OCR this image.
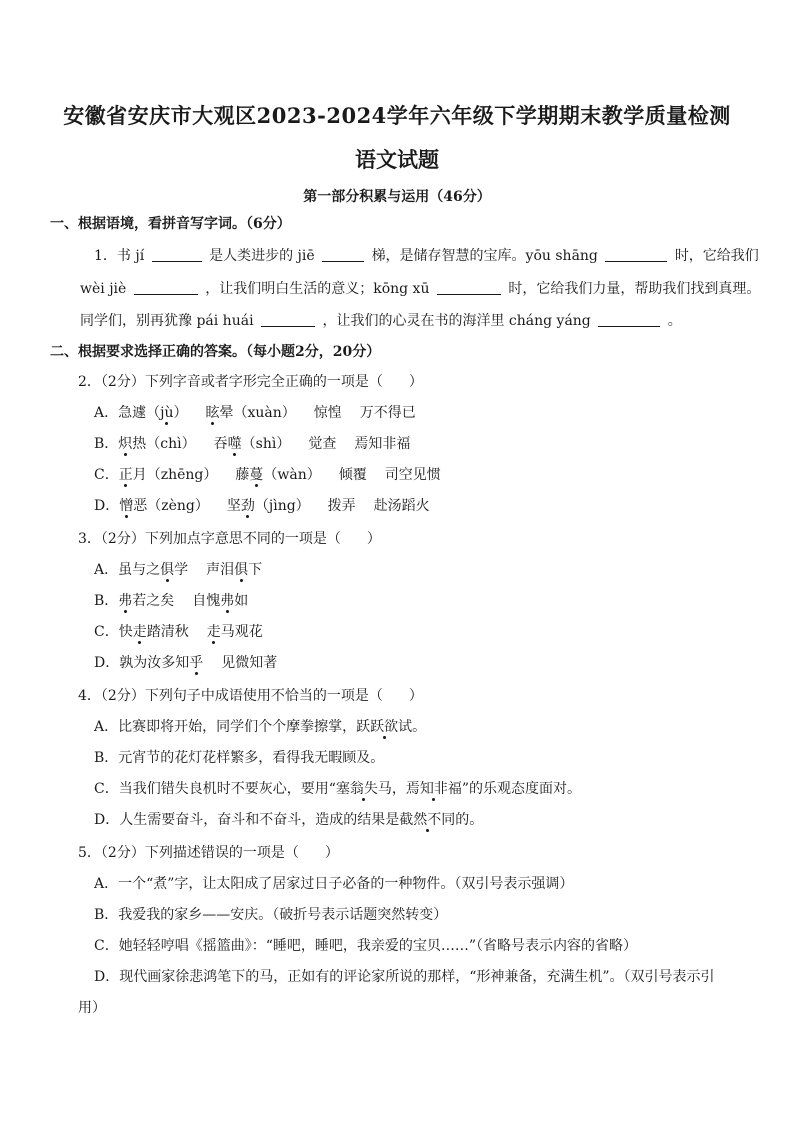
安徽省安庆市大观区2023-2024学年六年级下学期期末教学质量检测
语文试题
第一部分积累与运用（46分）
一、根据语境，看拼音写字词。（6分）
1．书 jí	是人类进步的 jiē	梯，是储存智慧的宝库。yōu shāng	时，它给我们
wèi jiè	，让我们明白生活的意义；kōng xū	时，它给我们力量，帮助我们找到真理。
同学们，别再犹豫 pái huái	，让我们的心灵在书的海洋里 cháng yáng	。
二、根据要求选择正确的答案。（每小题2分，20分）
2．（2分）下列字音或者字形完全正确的一项是（ ）
A．急遽（jù） 眩晕（xuàn） 惊惶 万不得已
B．炽热（chì） 吞噬（shì） 觉查 焉知非福
C．正月（zhēng） 藤蔓（wàn） 倾覆 司空见惯
D．憎恶（zèng） 坚劲（jìng） 拨弄 赴汤蹈火
3．（2分）下列加点字意思不同的一项是（ ）
A．虽与之俱学 声泪俱下
B．弗若之矣 自愧弗如
C．快走踏清秋 走马观花
D．孰为汝多知乎 见微知著
4．（2分）下列句子中成语使用不恰当的一项是（ ）
A．比赛即将开始，同学们个个摩拳擦掌，跃跃欲试。
B．元宵节的花灯花样繁多，看得我无暇顾及。
C．当我们错失良机时不要灰心，要用“塞翁失马，焉知非福”的乐观态度面对。
D．人生需要奋斗，奋斗和不奋斗，造成的结果是截然不同的。
5．（2分）下列描述错误的一项是（ ）
A．一个“煮”字，让太阳成了居家过日子必备的一种物件。（双引号表示强调）
B．我爱我的家乡——安庆。（破折号表示话题突然转变）
C．她轻轻哼唱《摇篮曲》：“睡吧，睡吧，我亲爱的宝贝……”（省略号表示内容的省略）
D．现代画家徐悲鸿笔下的马，正如有的评论家所说的那样，“形神兼备，充满生机”。（双引号表示引
用）
